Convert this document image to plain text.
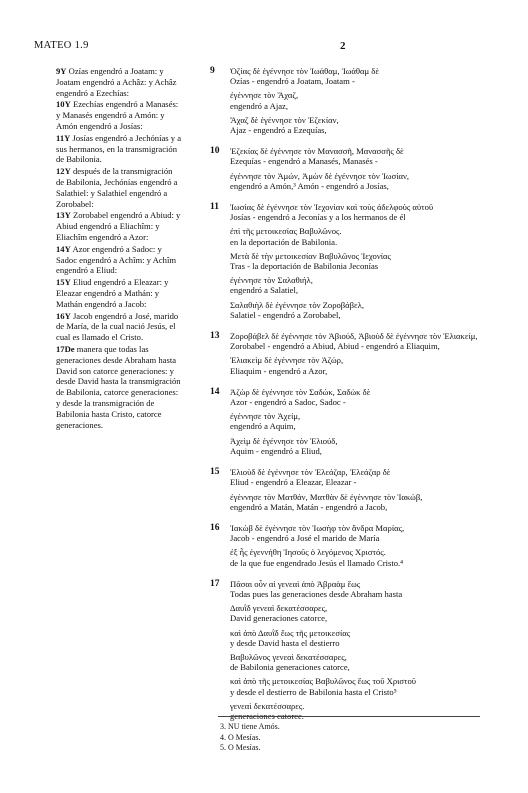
MATEO 1.9	2

9Y Ozías engendró a Joatam: y Joatam engendró a Achâz: y Achâz engendró a Ezechías:

10Y Ezechías engendró a Manasés: y Manasés engendró a Amón: y Amón engendró a Josías:

11Y Josías engendró a Jechónías y a sus hermanos, en la transmigración de Babilonia.

12Y después de la transmigración de Babilonia, Jechónías engendró a Salathiel: y Salathiel engendró a Zorobabel:

13Y Zorobabel engendró a Abiud: y Abiud engendró a Eliachîm: y Eliachîm engendró a Azor:

14Y Azor engendró a Sadoc: y Sadoc engendró a Achîm: y Achîm engendró a Eliud:

15Y Eliud engendró a Eleazar: y Eleazar engendró a Mathán: y Mathán engendró a Jacob:

16Y Jacob engendró a José, marido de María, de la cual nació Jesús, el cual es llamado el Cristo.

17De manera que todas las generaciones desde Abraham hasta David son catorce generaciones: y desde David hasta la transmigración de Babilonia, catorce generaciones: y desde la transmigración de Babilonia hasta Cristo, catorce generaciones.

9 Ὀζίας δὲ ἐγέννησε τὸν Ἰωάθαμ, Ἰωάθαμ δὲ
Ozías - engendró a Joatam, Joatam -
ἐγέννησε τὸν Ἄχαζ,
engendró a Ajaz,
Ἄχαζ δὲ ἐγέννησε τὸν Ἐζεκίαν,
Ajaz - engendró a Ezequías,
10 Ἐζεκίας δὲ ἐγέννησε τὸν Μανασσῆ, Μανασσῆς δὲ
Ezequías - engendró a Manasés, Manasés -
ἐγέννησε τὸν Ἀμών, Ἀμὼν δὲ ἐγέννησε τὸν Ἰωσίαν,
engendró a Amón,³ Amón - engendró a Josías,
11 Ἰωσίας δὲ ἐγέννησε τὸν Ἰεχονίαν καὶ τοὺς ἀδελφοὺς αὐτοῦ
Josías - engendró a Jeconías y a los hermanos de él
ἐπὶ τῆς μετοικεσίας Βαβυλῶνος.
en la deportación de Babilonia.
Μετὰ δὲ τὴν μετοικεσίαν Βαβυλῶνος Ἰεχονίας
Tras - la deportación de Babilonia Jeconías
ἐγέννησε τὸν Σαλαθιήλ,
engendró a Salatiel,
Σαλαθιὴλ δὲ ἐγέννησε τὸν Ζοροβάβελ,
Salatiel - engendró a Zorobabel,
13 Ζοροβάβελ δὲ ἐγέννησε τὸν Ἀβιούδ, Ἀβιοὺδ δὲ ἐγέννησε τὸν Ἐλιακείμ,
Zorobabel - engendró a Abiud, Abiud - engendró a Eliaquim,
Ἐλιακεὶμ δὲ ἐγέννησε τὸν Ἀζώρ,
Eliaquim - engendró a Azor,
14 Ἀζὼρ δὲ ἐγέννησε τὸν Σαδώκ, Σαδὼκ δὲ
Azor - engendró a Sadoc, Sadoc -
ἐγέννησε τὸν Ἀχείμ,
engendró a Aquim,
Ἀχεὶμ δὲ ἐγέννησε τὸν Ἐλιούδ,
Aquim - engendró a Eliud,
15 Ἐλιοὺδ δὲ ἐγέννησε τὸν Ἐλεάζαρ, Ἐλεάζαρ δὲ
Eliud - engendró a Eleazar, Eleazar -
ἐγέννησε τὸν Ματθάν, Ματθὰν δὲ ἐγέννησε τὸν Ἰακώβ,
engendró a Matán, Matán - engendró a Jacob,
16 Ἰακὼβ δὲ ἐγέννησε τὸν Ἰωσὴφ τὸν ἄνδρα Μαρίας,
Jacob - engendró a José el marido de María
ἐξ ἧς ἐγεννήθη Ἰησοῦς ὁ λεγόμενος Χριστός.
de la que fue engendrado Jesús el llamado Cristo.⁴
17 Πᾶσαι οὖν αἱ γενεαὶ ἀπὸ Ἀβραὰμ ἕως
Todas pues las generaciones desde Abraham hasta
Δαυῒδ γενεαὶ δεκατέσσαρες,
David generaciones catorce,
καὶ ἀπὸ Δαυῒδ ἕως τῆς μετοικεσίας
y desde David hasta el destierro
Βαβυλῶνος γενεαὶ δεκατέσσαρες,
de Babilonia generaciones catorce,
καὶ ἀπὸ τῆς μετοικεσίας Βαβυλῶνος ἕως τοῦ Χριστοῦ
y desde el destierro de Babilonia hasta el Cristo⁵
γενεαὶ δεκατέσσαρες.
generaciones catorce.
3. NU tiene Amós.
4. O Mesías.
5. O Mesías.
